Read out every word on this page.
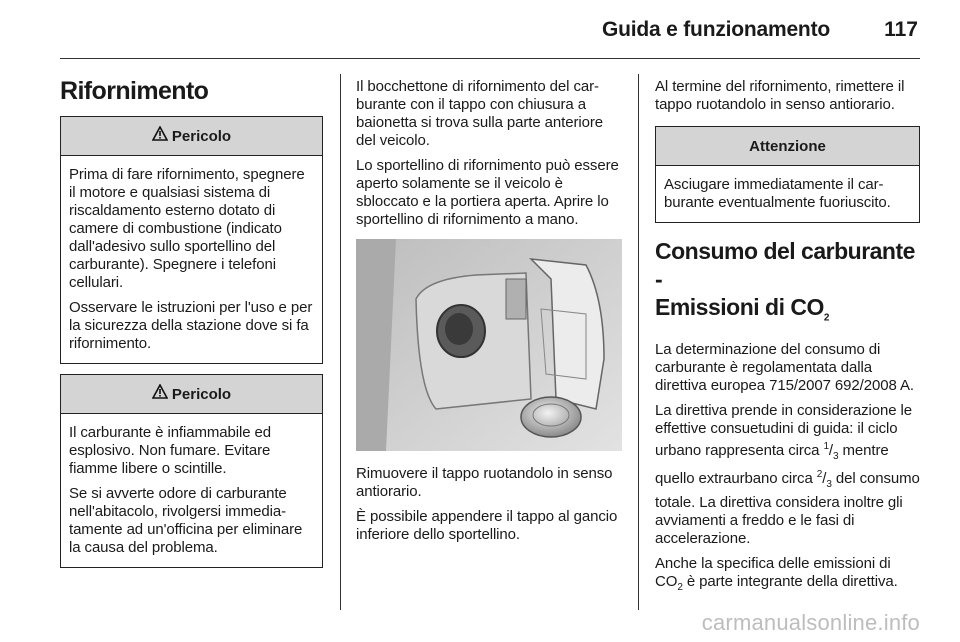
Guida e funzionamento	117
Rifornimento
Pericolo

Prima di fare rifornimento, spegnere il motore e qualsiasi sistema di riscaldamento esterno dotato di camere di combustione (indicato dall'adesivo sullo sportellino del carburante). Spegnere i telefoni cellulari.

Osservare le istruzioni per l'uso e per la sicurezza della stazione dove si fa rifornimento.

Pericolo

Il carburante è infiammabile ed esplosivo. Non fumare. Evitare fiamme libere o scintille.

Se si avverte odore di carburante nell'abitacolo, rivolgersi immediatamente ad un'officina per eliminare la causa del problema.

Il bocchettone di rifornimento del carburante con il tappo con chiusura a baionetta si trova sulla parte anteriore del veicolo.

Lo sportellino di rifornimento può essere aperto solamente se il veicolo è sbloccato e la portiera aperta. Aprire lo sportellino di rifornimento a mano.

Rimuovere il tappo ruotandolo in senso antiorario.

È possibile appendere il tappo al gancio inferiore dello sportellino.

Al termine del rifornimento, rimettere il tappo ruotandolo in senso antiorario.

Attenzione

Asciugare immediatamente il carburante eventualmente fuoriuscito.

Consumo del carburante -
Emissioni di $CO_2$

La determinazione del consumo di carburante è regolamentata dalla direttiva europea 715/2007 692/2008 A.

La direttiva prende in considerazione le effettive consuetudini di guida: il ciclo urbano rappresenta circa $^1/_3$ mentre quello extraurbano circa $^2/_3$ del consumo totale. La direttiva considera inoltre gli avviamenti a freddo e le fasi di accelerazione.

Anche la specifica delle emissioni di $CO_2$ è parte integrante della direttiva.

carmanualsonline.info
